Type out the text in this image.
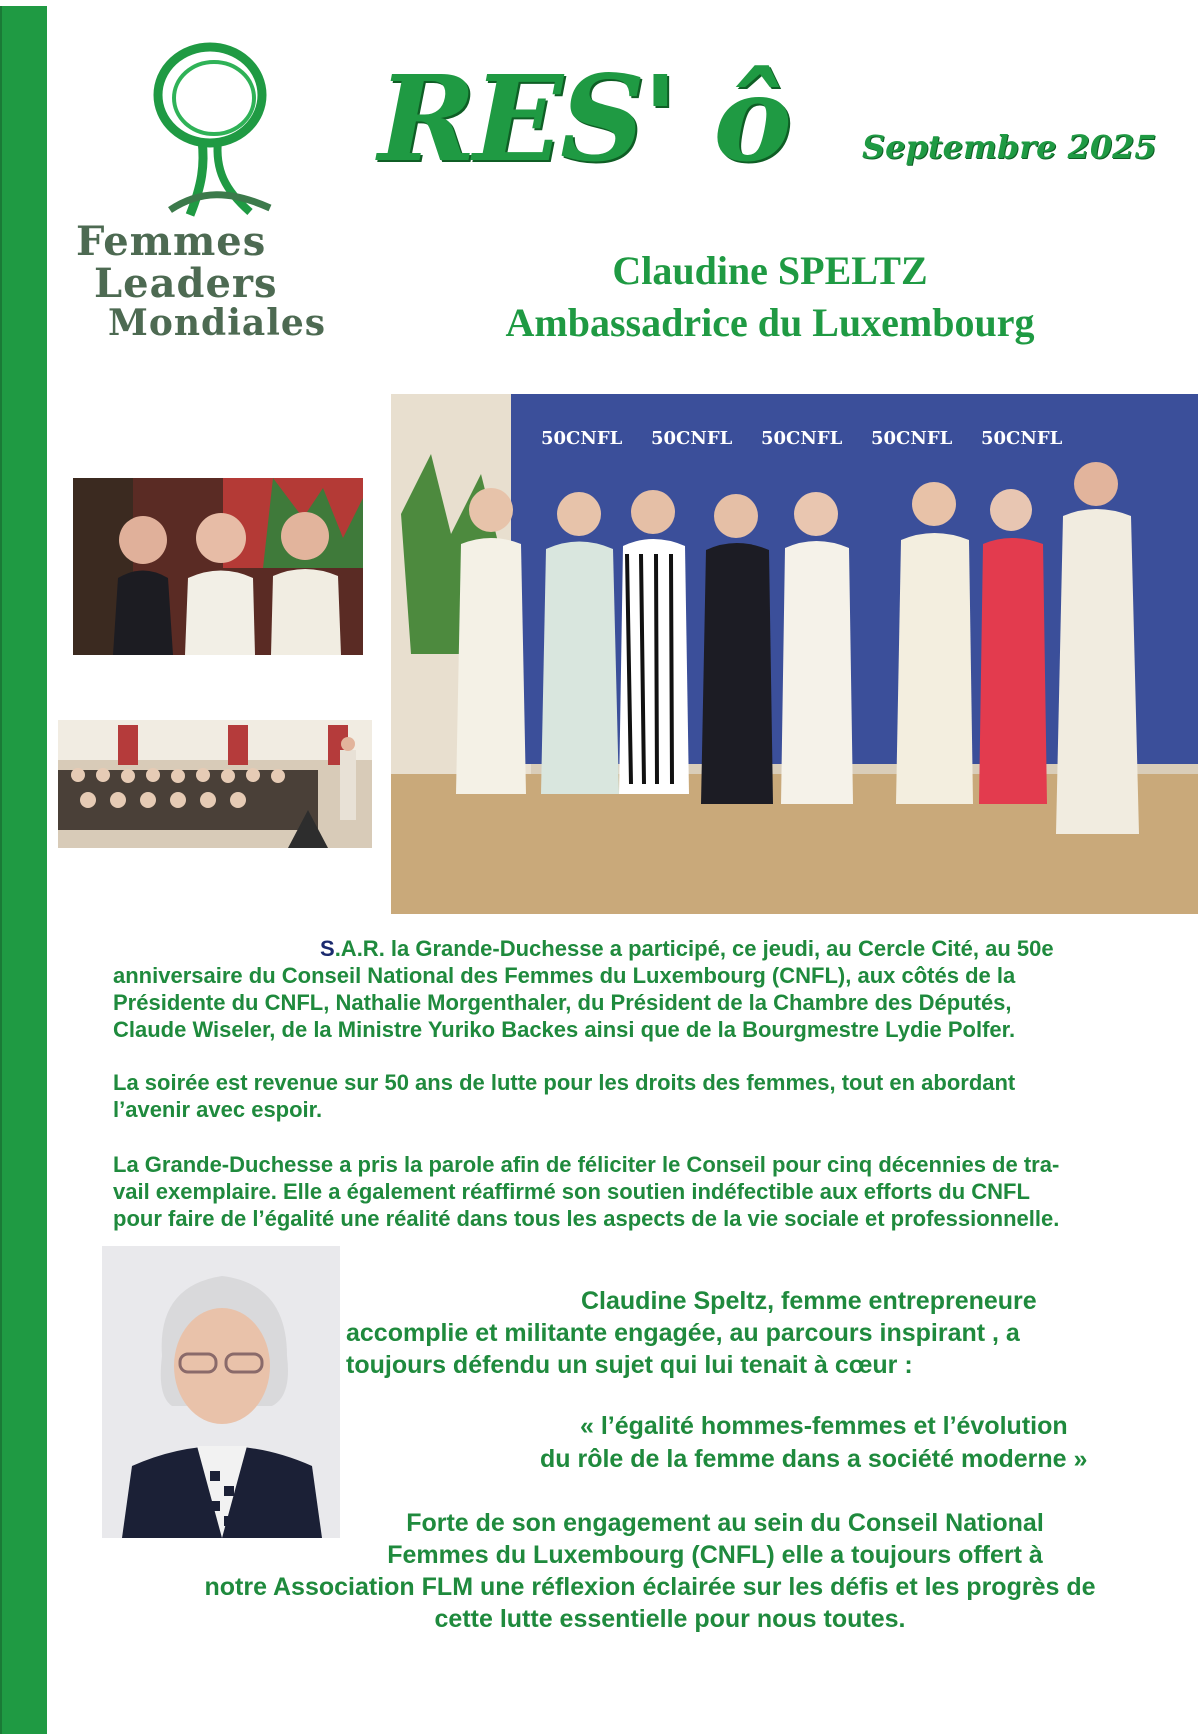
Femmes
Leaders
Mondiales
RES' ô Septembre 2025
Claudine SPELTZ
Ambassadrice du Luxembourg
50CNFL 50CNFL 50CNFL 50CNFL 50CNFL
S.A.R. la Grande-Duchesse a participé, ce jeudi, au Cercle Cité, au 50e
anniversaire du Conseil National des Femmes du Luxembourg (CNFL), aux côtés de la
Présidente du CNFL, Nathalie Morgenthaler, du Président de la Chambre des Députés,
Claude Wiseler, de la Ministre Yuriko Backes ainsi que de la Bourgmestre Lydie Polfer.
La soirée est revenue sur 50 ans de lutte pour les droits des femmes, tout en abordant
l’avenir avec espoir.
La Grande-Duchesse a pris la parole afin de féliciter le Conseil pour cinq décennies de tra-
vail exemplaire. Elle a également réaffirmé son soutien indéfectible aux efforts du CNFL
pour faire de l’égalité une réalité dans tous les aspects de la vie sociale et professionnelle.
Claudine Speltz, femme entrepreneure
accomplie et militante engagée, au parcours inspirant , a
toujours défendu un sujet qui lui tenait à cœur :
« l’égalité hommes-femmes et l’évolution
du rôle de la femme dans a société moderne »
Forte de son engagement au sein du Conseil National
Femmes du Luxembourg (CNFL) elle a toujours offert à
notre Association FLM une réflexion éclairée sur les défis et les progrès de
cette lutte essentielle pour nous toutes.
